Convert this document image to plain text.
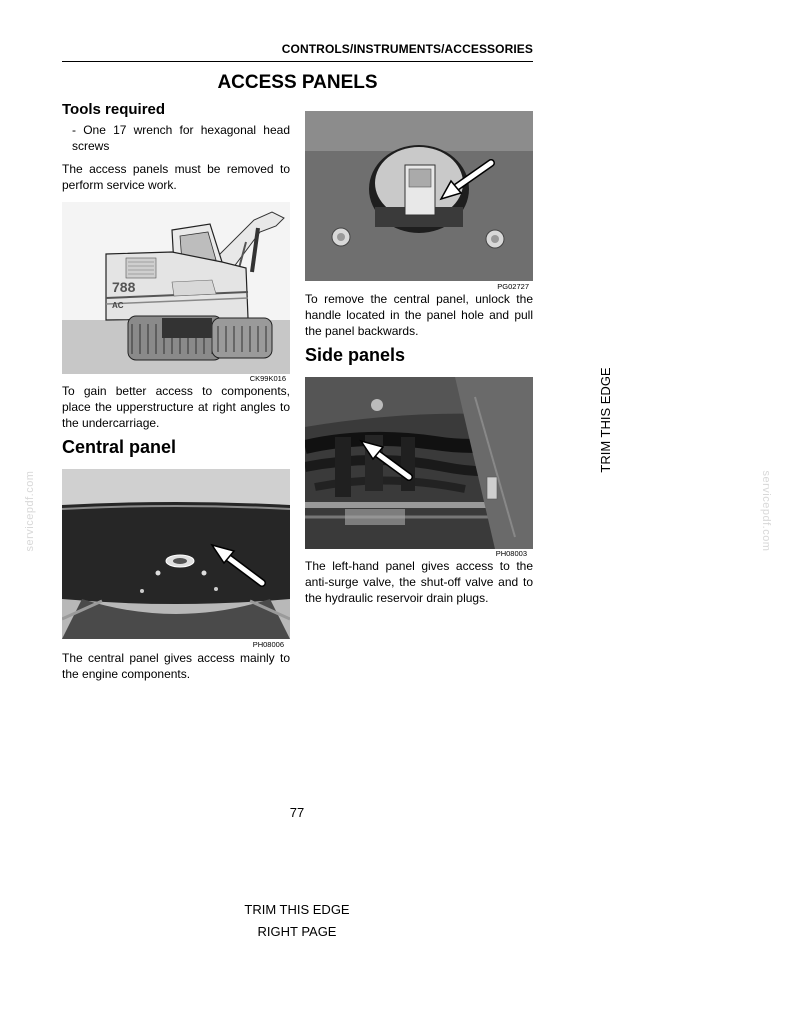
CONTROLS/INSTRUMENTS/ACCESSORIES
ACCESS PANELS
Tools required
- One 17 wrench for hexagonal head screws
The access panels must be removed to perform service work.
788
AC
CK99K016
To gain better access to components, place the upperstructure at right angles to the undercarriage.
Central panel
PH08006
The central panel gives access mainly to the engine components.
PG02727
To remove the central panel, unlock the handle located in the panel hole and pull the panel backwards.
Side panels
PH08003
The left-hand panel gives access to the anti-surge valve, the shut-off valve and to the hydraulic reservoir drain plugs.
77
TRIM THIS EDGE
RIGHT PAGE
TRIM THIS EDGE
servicepdf.com	servicepdf.com
